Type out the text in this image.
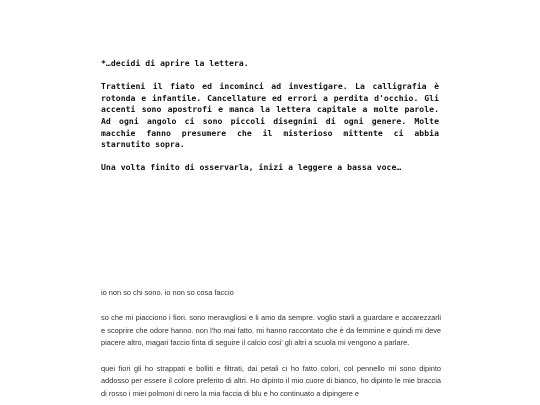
*…decidi di aprire la lettera.

Trattieni il fiato ed incominci ad investigare. La calligrafia è rotonda e infantile. Cancellature ed errori a perdita d'occhio. Gli accenti sono apostrofi e manca la lettera capitale a molte parole. Ad ogni angolo ci sono piccoli disegnini di ogni genere. Molte macchie fanno presumere che il misterioso mittente ci abbia starnutito sopra.

Una volta finito di osservarla, inizi a leggere a bassa voce…

io non so chi sono. io non so cosa faccio

so che mi piacciono i fiori. sono meravigliosi e li amo da sempre. voglio starli a guardare e accarezzarli e scoprire che odore hanno. non l'ho mai fatto. mi hanno raccontato che è da femmine e quindi mi deve piacere altro, magari faccio finta di seguire il calcio cosi' gli altri a scuola mi vengono a parlare.

quei fiori gli ho strappati e bolliti e filtrati, dai petali ci ho fatto colori, col pennello mi sono dipinto addosso per essere il colore preferito di altri. Ho dipinto il mio cuore di bianco, ho dipinto le mie braccia di rosso i miei polmoni di nero la mia faccia di blu e ho continuato a dipingere e
